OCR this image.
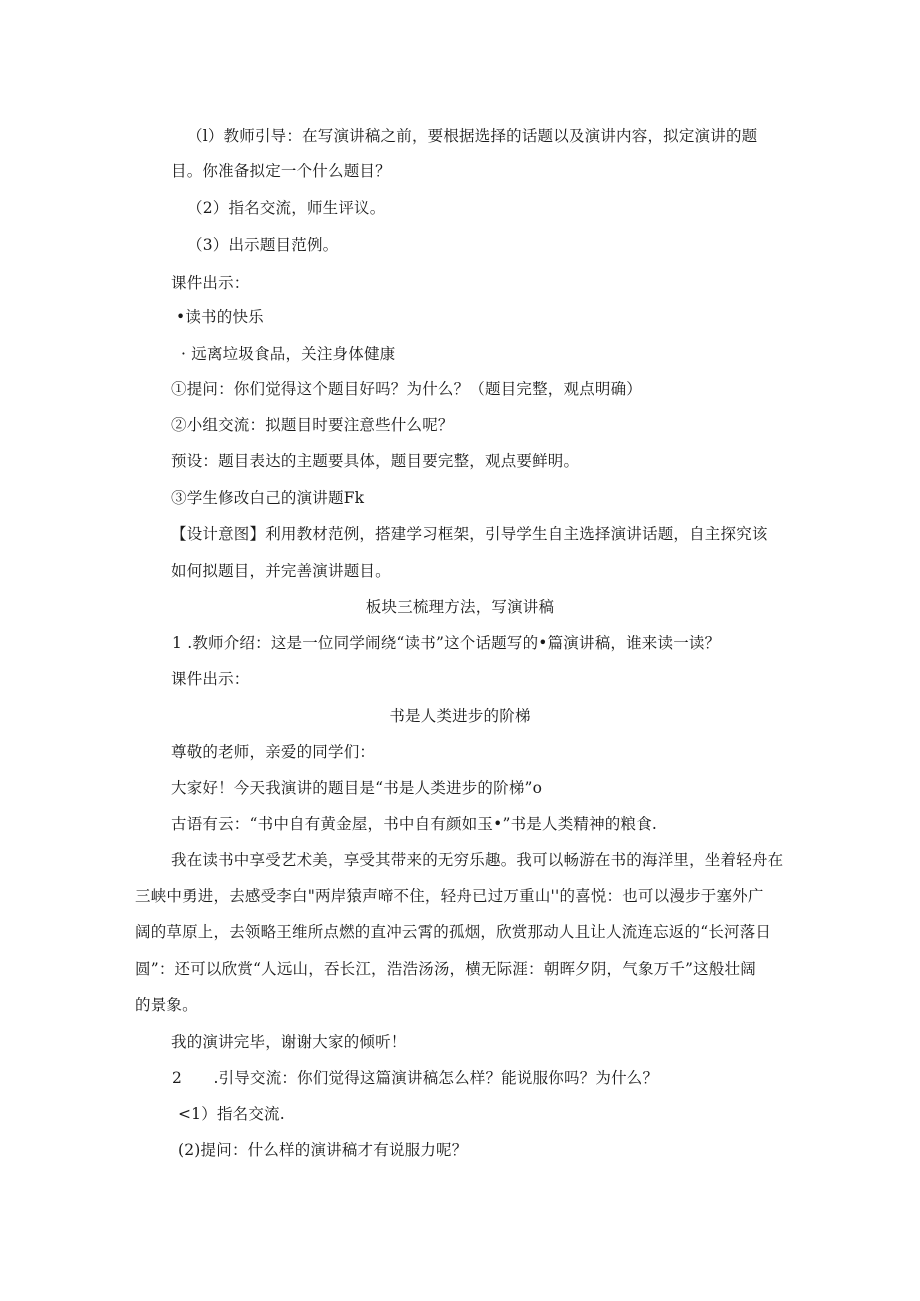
（l）教师引导：在写演讲稿之前，要根据选择的话题以及演讲内容，拟定演讲的题
目。你准备拟定一个什么题目？
（2）指名交流，师生评议。
（3）出示题目范例。
课件出示：
•读书的快乐
· 远离垃圾食品，关注身体健康
①提问：你们觉得这个题目好吗？为什么？（题目完整，观点明确）
②小组交流：拟题目时要注意些什么呢？
预设：题目表达的主题要具体，题目要完整，观点要鲜明。
③学生修改白己的演讲题Fk
【设计意图】利用教材范例，搭建学习框架，引导学生自主选择演讲话题，自主探究该
如何拟题目，并完善演讲题目。
板块三梳理方法，写演讲稿
1 .教师介绍：这是一位同学闹绕“读书”这个话题写的•篇演讲稿，谁来读一读？
课件出示：
书是人类进步的阶梯
尊敬的老师，亲爱的同学们：
大家好！今天我演讲的题目是“书是人类进步的阶梯”o
古语有云：“书中自有黄金屋，书中自有颜如玉•”书是人类精神的粮食.
我在读书中享受艺术美，享受其带来的无穷乐趣。我可以畅游在书的海洋里，坐着轻舟在
三峡中勇进，去感受李白"两岸猿声啼不住，轻舟已过万重山''的喜悦：也可以漫步于塞外广
阔的草原上，去领略王维所点燃的直冲云霄的孤烟，欣赏那动人且让人流连忘返的“长河落日
圆”：还可以欣赏“人远山，吞长江，浩浩汤汤，横无际涯：朝晖夕阴，气象万千”这般壮阔
的景象。
我的演讲完毕，谢谢大家的倾听！
2　　.引导交流：你们觉得这篇演讲稿怎么样？能说服你吗？为什么？
<1）指名交流.
(2)提问：什么样的演讲稿才有说服力呢？
